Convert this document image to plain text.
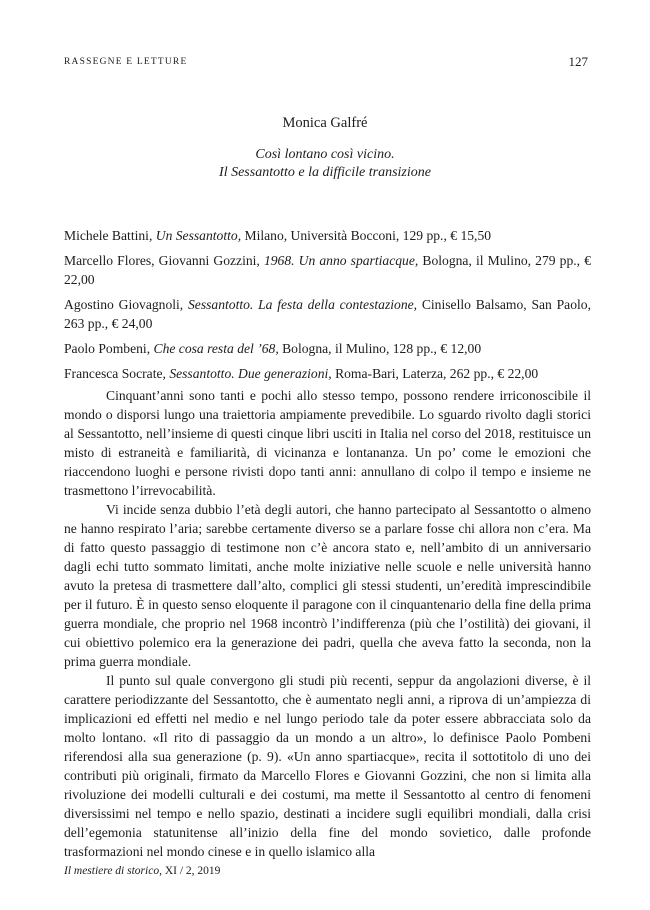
RASSEGNE E LETTURE	127
Monica Galfré
Così lontano così vicino.
Il Sessantotto e la difficile transizione

Michele Battini, Un Sessantotto, Milano, Università Bocconi, 129 pp., € 15,50

Marcello Flores, Giovanni Gozzini, 1968. Un anno spartiacque, Bologna, il Mulino, 279 pp., € 22,00

Agostino Giovagnoli, Sessantotto. La festa della contestazione, Cinisello Balsamo, San Paolo, 263 pp., € 24,00

Paolo Pombeni, Che cosa resta del ’68, Bologna, il Mulino, 128 pp., € 12,00

Francesca Socrate, Sessantotto. Due generazioni, Roma-Bari, Laterza, 262 pp., € 22,00

Cinquant’anni sono tanti e pochi allo stesso tempo, possono rendere irriconoscibile il mondo o disporsi lungo una traiettoria ampiamente prevedibile. Lo sguardo rivolto dagli storici al Sessantotto, nell’insieme di questi cinque libri usciti in Italia nel corso del 2018, restituisce un misto di estraneità e familiarità, di vicinanza e lontananza. Un po’ come le emozioni che riaccendono luoghi e persone rivisti dopo tanti anni: annullano di colpo il tempo e insieme ne trasmettono l’irrevocabilità.

Vi incide senza dubbio l’età degli autori, che hanno partecipato al Sessantotto o almeno ne hanno respirato l’aria; sarebbe certamente diverso se a parlare fosse chi allora non c’era. Ma di fatto questo passaggio di testimone non c’è ancora stato e, nell’ambito di un anniversario dagli echi tutto sommato limitati, anche molte iniziative nelle scuole e nelle università hanno avuto la pretesa di trasmettere dall’alto, complici gli stessi studenti, un’eredità imprescindibile per il futuro. È in questo senso eloquente il paragone con il cinquantenario della fine della prima guerra mondiale, che proprio nel 1968 incontrò l’indifferenza (più che l’ostilità) dei giovani, il cui obiettivo polemico era la generazione dei padri, quella che aveva fatto la seconda, non la prima guerra mondiale.

Il punto sul quale convergono gli studi più recenti, seppur da angolazioni diverse, è il carattere periodizzante del Sessantotto, che è aumentato negli anni, a riprova di un’ampiezza di implicazioni ed effetti nel medio e nel lungo periodo tale da poter essere abbracciata solo da molto lontano. «Il rito di passaggio da un mondo a un altro», lo definisce Paolo Pombeni riferendosi alla sua generazione (p. 9). «Un anno spartiacque», recita il sottotitolo di uno dei contributi più originali, firmato da Marcello Flores e Giovanni Gozzini, che non si limita alla rivoluzione dei modelli culturali e dei costumi, ma mette il Sessantotto al centro di fenomeni diversissimi nel tempo e nello spazio, destinati a incidere sugli equilibri mondiali, dalla crisi dell’egemonia statunitense all’inizio della fine del mondo sovietico, dalle profonde trasformazioni nel mondo cinese e in quello islamico alla

Il mestiere di storico, XI / 2, 2019
